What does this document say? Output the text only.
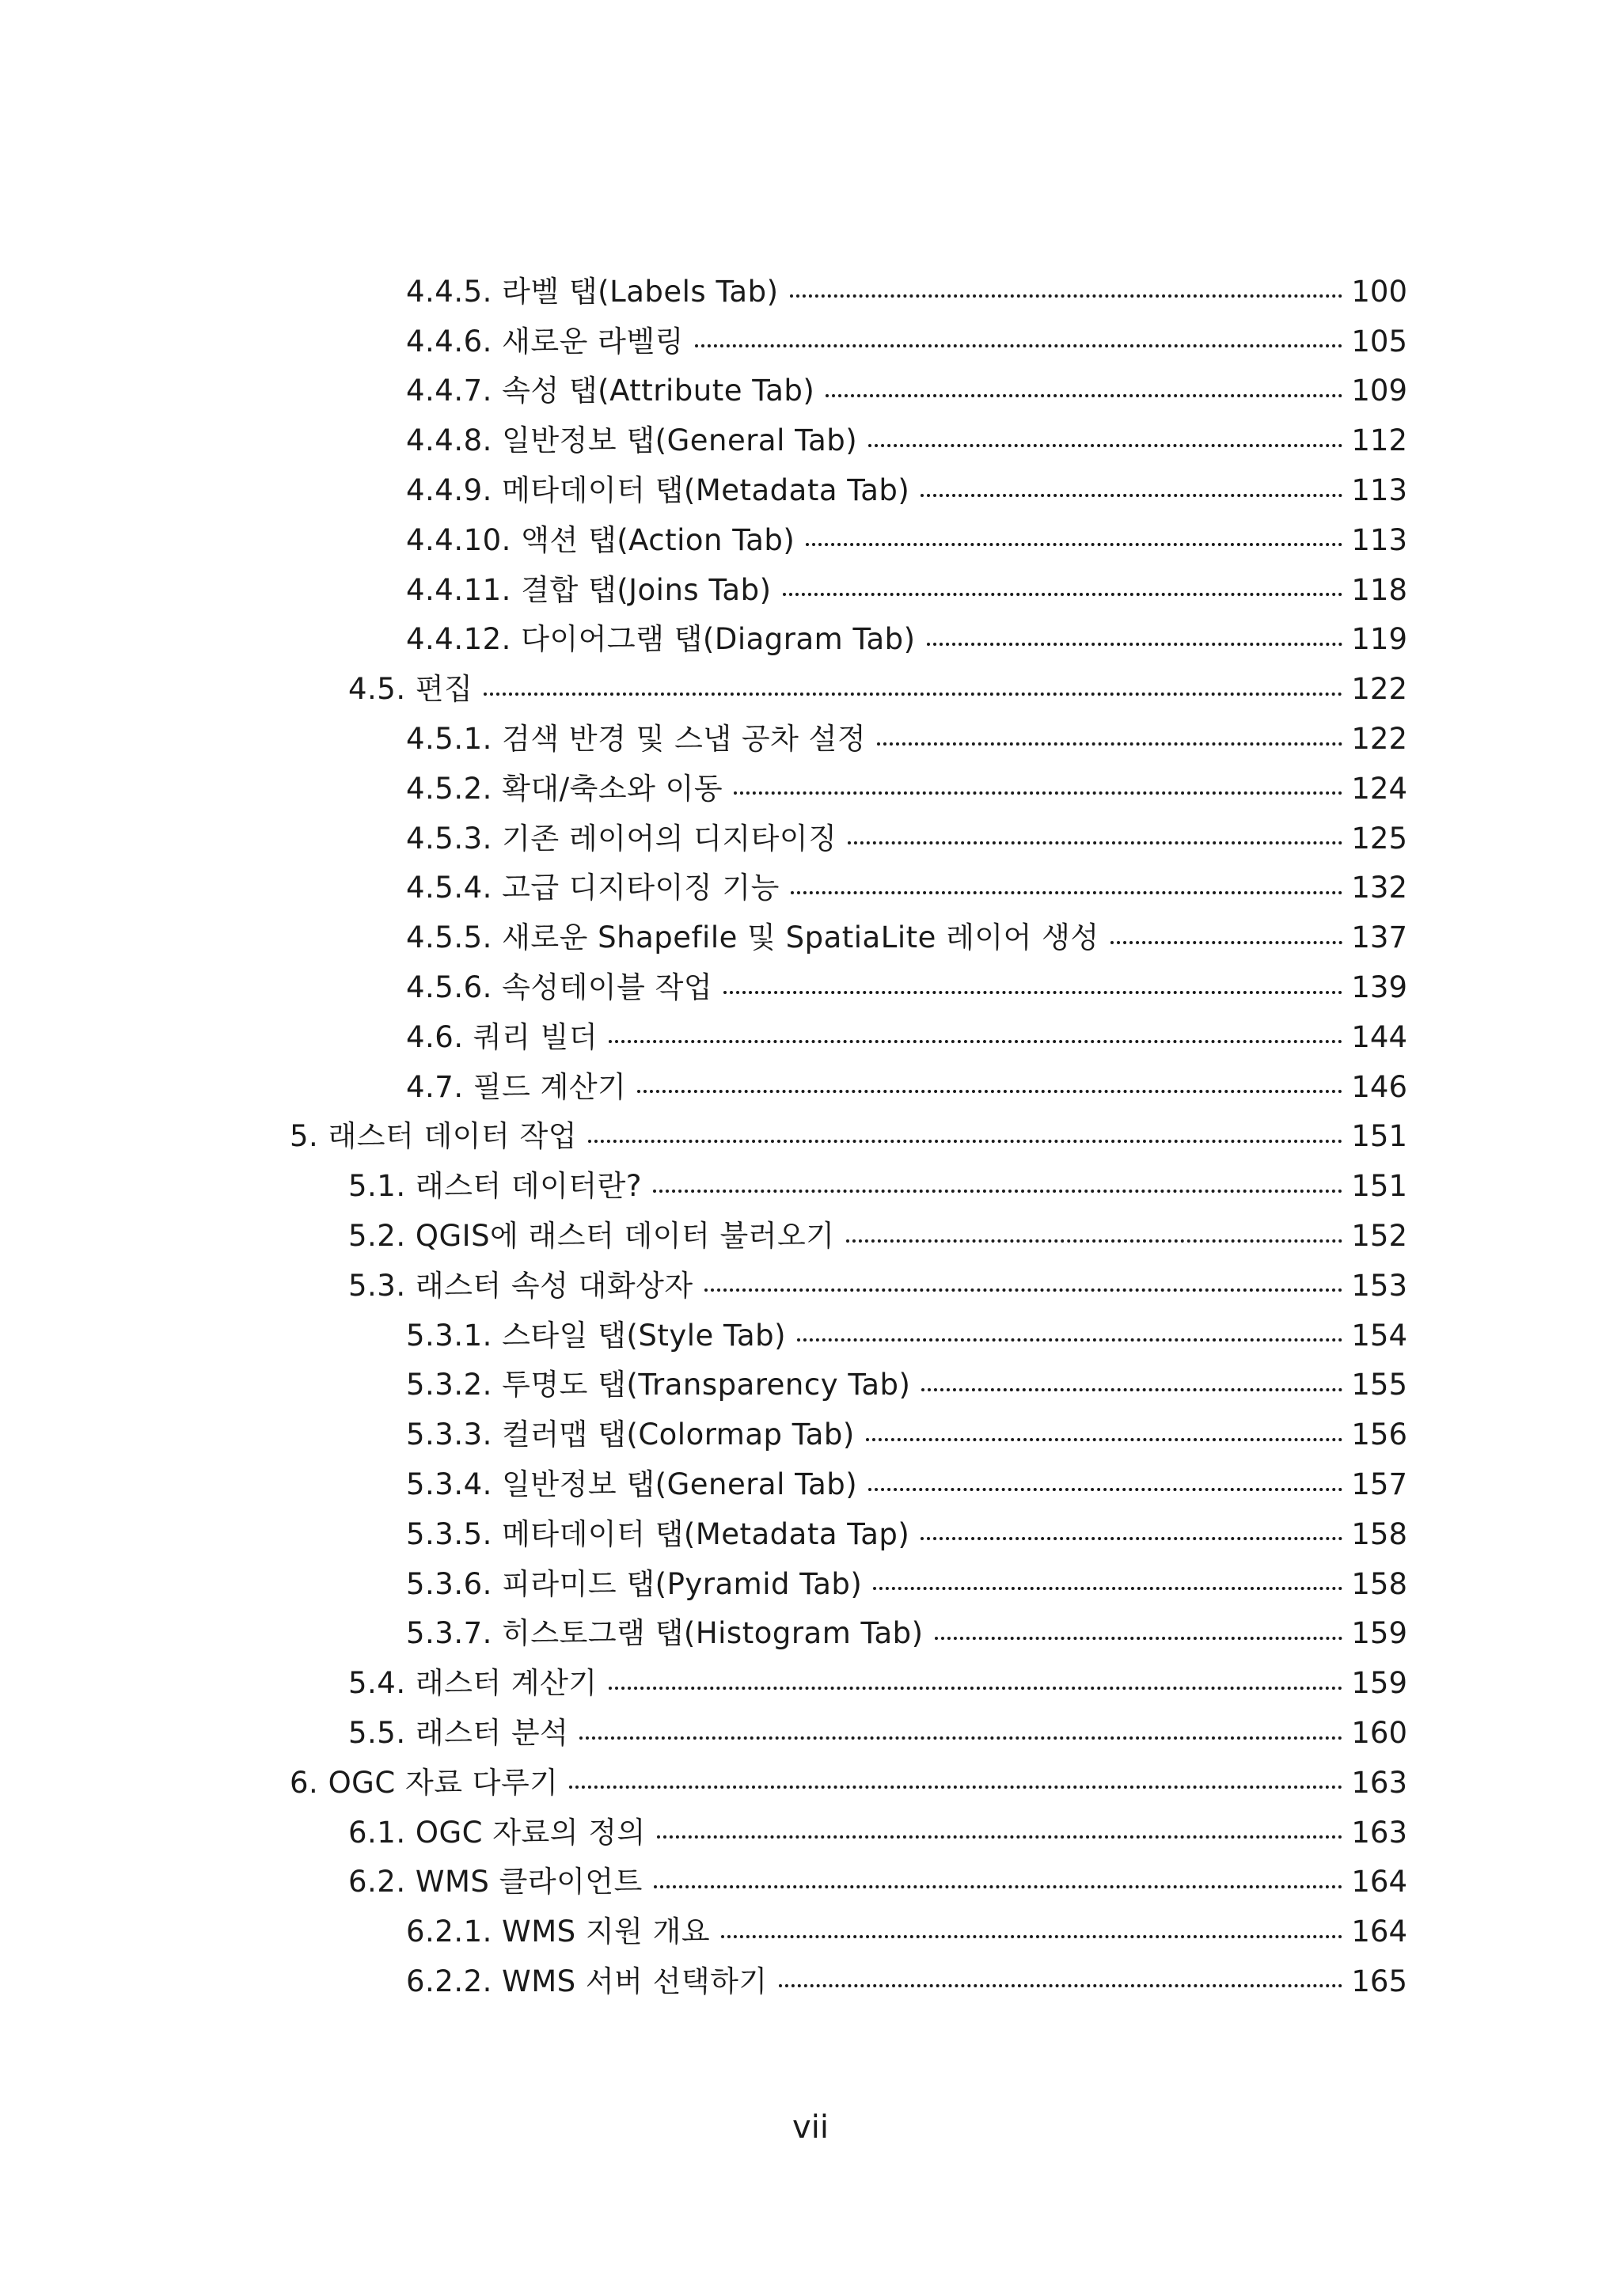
4.4.5. 라벨 탭(Labels Tab)	100
4.4.6. 새로운 라벨링	105
4.4.7. 속성 탭(Attribute Tab)	109
4.4.8. 일반정보 탭(General Tab)	112
4.4.9. 메타데이터 탭(Metadata Tab)	113
4.4.10. 액션 탭(Action Tab)	113
4.4.11. 결합 탭(Joins Tab)	118
4.4.12. 다이어그램 탭(Diagram Tab)	119
4.5. 편집	122
4.5.1. 검색 반경 및 스냅 공차 설정	122
4.5.2. 확대/축소와 이동	124
4.5.3. 기존 레이어의 디지타이징	125
4.5.4. 고급 디지타이징 기능	132
4.5.5. 새로운 Shapefile 및 SpatiaLite 레이어 생성	137
4.5.6. 속성테이블 작업	139
4.6. 쿼리 빌더	144
4.7. 필드 계산기	146
5. 래스터 데이터 작업	151
5.1. 래스터 데이터란?	151
5.2. QGIS에 래스터 데이터 불러오기	152
5.3. 래스터 속성 대화상자	153
5.3.1. 스타일 탭(Style Tab)	154
5.3.2. 투명도 탭(Transparency Tab)	155
5.3.3. 컬러맵 탭(Colormap Tab)	156
5.3.4. 일반정보 탭(General Tab)	157
5.3.5. 메타데이터 탭(Metadata Tap)	158
5.3.6. 피라미드 탭(Pyramid Tab)	158
5.3.7. 히스토그램 탭(Histogram Tab)	159
5.4. 래스터 계산기	159
5.5. 래스터 분석	160
6. OGC 자료 다루기	163
6.1. OGC 자료의 정의	163
6.2. WMS 클라이언트	164
6.2.1. WMS 지원 개요	164
6.2.2. WMS 서버 선택하기	165
vii
